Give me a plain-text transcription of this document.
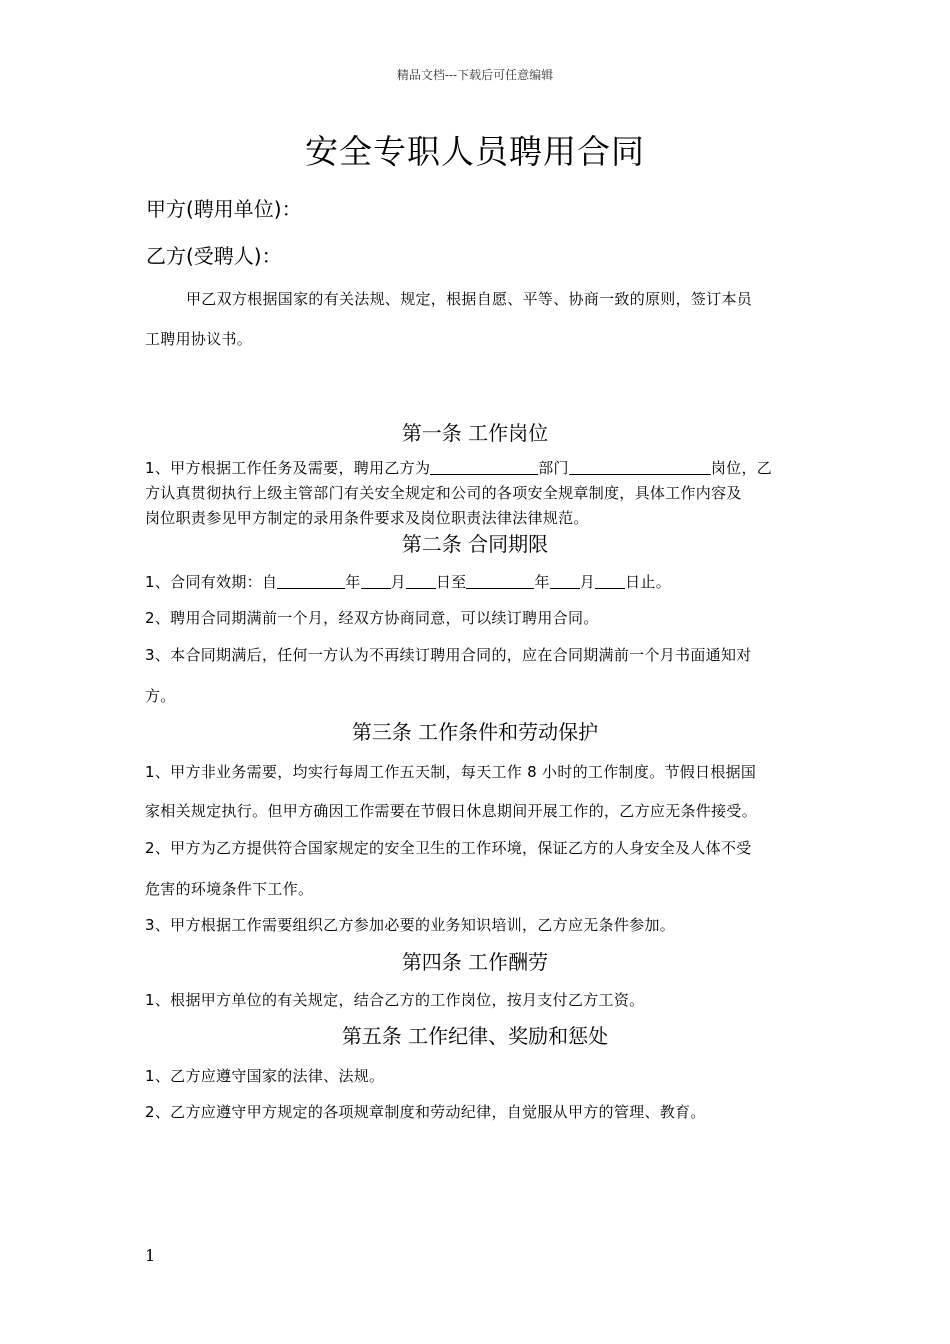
精品文档---下载后可任意编辑
安全专职人员聘用合同
甲方(聘用单位)：
乙方(受聘人)：
甲乙双方根据国家的有关法规、规定，根据自愿、平等、协商一致的原则，签订本员
工聘用协议书。
第一条 工作岗位
1、甲方根据工作任务及需要，聘用乙方为	部门	岗位，乙
方认真贯彻执行上级主管部门有关安全规定和公司的各项安全规章制度，具体工作内容及
岗位职责参见甲方制定的录用条件要求及岗位职责法律法律规范。
第二条 合同期限
1、合同有效期：自	年 月 日至	年 月 日止。
2、聘用合同期满前一个月，经双方协商同意，可以续订聘用合同。
3、本合同期满后，任何一方认为不再续订聘用合同的，应在合同期满前一个月书面通知对
方。
第三条 工作条件和劳动保护
1、甲方非业务需要，均实行每周工作五天制，每天工作 8 小时的工作制度。节假日根据国
家相关规定执行。但甲方确因工作需要在节假日休息期间开展工作的，乙方应无条件接受。
2、甲方为乙方提供符合国家规定的安全卫生的工作环境，保证乙方的人身安全及人体不受
危害的环境条件下工作。
3、甲方根据工作需要组织乙方参加必要的业务知识培训，乙方应无条件参加。
第四条 工作酬劳
1、根据甲方单位的有关规定，结合乙方的工作岗位，按月支付乙方工资。
第五条 工作纪律、奖励和惩处
1、乙方应遵守国家的法律、法规。
2、乙方应遵守甲方规定的各项规章制度和劳动纪律，自觉服从甲方的管理、教育。
1
